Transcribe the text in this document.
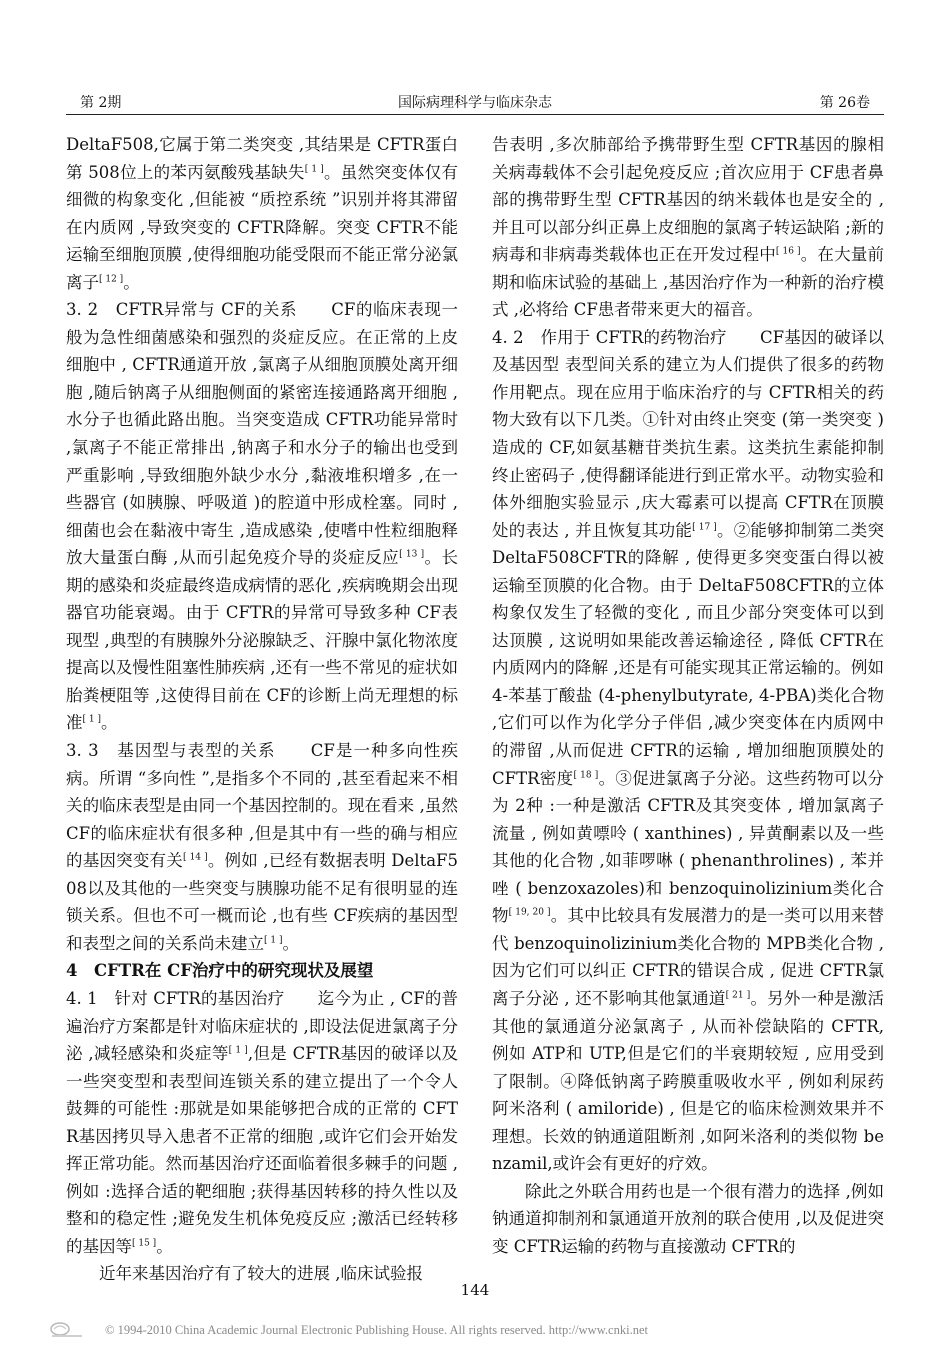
第 2期	国际病理科学与临床杂志	第 26卷

DeltaF508,它属于第二类突变 ,其结果是 CFTR蛋白第 508位上的苯丙氨酸残基缺失[ 1 ]。虽然突变体仅有细微的构象变化 ,但能被 “质控系统 ”识别并将其滞留在内质网 ,导致突变的 CFTR降解。突变 CFTR不能运输至细胞顶膜 ,使得细胞功能受限而不能正常分泌氯离子[ 12 ]。

3. 2　CFTR异常与 CF的关系　　CF的临床表现一般为急性细菌感染和强烈的炎症反应。在正常的上皮细胞中 , CFTR通道开放 ,氯离子从细胞顶膜处离开细胞 ,随后钠离子从细胞侧面的紧密连接通路离开细胞 ,水分子也循此路出胞。当突变造成 CFTR功能异常时 ,氯离子不能正常排出 ,钠离子和水分子的输出也受到严重影响 ,导致细胞外缺少水分 ,黏液堆积增多 ,在一些器官 (如胰腺、呼吸道 )的腔道中形成栓塞。同时 ,细菌也会在黏液中寄生 ,造成感染 ,使嗜中性粒细胞释放大量蛋白酶 ,从而引起免疫介导的炎症反应[ 13 ]。长期的感染和炎症最终造成病情的恶化 ,疾病晚期会出现器官功能衰竭。由于 CFTR的异常可导致多种 CF表现型 ,典型的有胰腺外分泌腺缺乏、汗腺中氯化物浓度提高以及慢性阻塞性肺疾病 ,还有一些不常见的症状如胎粪梗阻等 ,这使得目前在 CF的诊断上尚无理想的标准[ 1 ]。

3. 3　基因型与表型的关系　　CF是一种多向性疾病。所谓 “多向性 ”,是指多个不同的 ,甚至看起来不相关的临床表型是由同一个基因控制的。现在看来 ,虽然 CF的临床症状有很多种 ,但是其中有一些的确与相应的基因突变有关[ 14 ]。例如 ,已经有数据表明 DeltaF508以及其他的一些突变与胰腺功能不足有很明显的连锁关系。但也不可一概而论 ,也有些 CF疾病的基因型和表型之间的关系尚未建立[ 1 ]。

4　CFTR在 CF治疗中的研究现状及展望

4. 1　针对 CFTR的基因治疗　　迄今为止 , CF的普遍治疗方案都是针对临床症状的 ,即设法促进氯离子分泌 ,减轻感染和炎症等[ 1 ],但是 CFTR基因的破译以及一些突变型和表型间连锁关系的建立提出了一个令人鼓舞的可能性 :那就是如果能够把合成的正常的 CFTR基因拷贝导入患者不正常的细胞 ,或许它们会开始发挥正常功能。然而基因治疗还面临着很多棘手的问题 ,例如 :选择合适的靶细胞 ;获得基因转移的持久性以及整和的稳定性 ;避免发生机体免疫反应 ;激活已经转移的基因等[ 15 ]。

近年来基因治疗有了较大的进展 ,临床试验报

告表明 ,多次肺部给予携带野生型 CFTR基因的腺相关病毒载体不会引起免疫反应 ;首次应用于 CF患者鼻部的携带野生型 CFTR基因的纳米载体也是安全的 ,并且可以部分纠正鼻上皮细胞的氯离子转运缺陷 ;新的病毒和非病毒类载体也正在开发过程中[ 16 ]。在大量前期和临床试验的基础上 ,基因治疗作为一种新的治疗模式 ,必将给 CF患者带来更大的福音。

4. 2　作用于 CFTR的药物治疗　　CF基因的破译以及基因型 表型间关系的建立为人们提供了很多的药物作用靶点。现在应用于临床治疗的与 CFTR相关的药物大致有以下几类。①针对由终止突变 (第一类突变 )造成的 CF,如氨基糖苷类抗生素。这类抗生素能抑制终止密码子 ,使得翻译能进行到正常水平。动物实验和体外细胞实验显示 ,庆大霉素可以提高 CFTR在顶膜处的表达 , 并且恢复其功能[ 17 ]。②能够抑制第二类突 DeltaF508CFTR的降解 , 使得更多突变蛋白得以被运输至顶膜的化合物。由于 DeltaF508CFTR的立体构象仅发生了轻微的变化 , 而且少部分突变体可以到达顶膜 , 这说明如果能改善运输途径 , 降低 CFTR在内质网内的降解 ,还是有可能实现其正常运输的。例如 4-苯基丁酸盐 (4-phenylbutyrate, 4-PBA)类化合物 ,它们可以作为化学分子伴侣 ,减少突变体在内质网中的滞留 ,从而促进 CFTR的运输 , 增加细胞顶膜处的 CFTR密度[ 18 ]。③促进氯离子分泌。这些药物可以分为 2种 :一种是激活 CFTR及其突变体 , 增加氯离子流量 , 例如黄嘌呤 ( xanthines) , 异黄酮素以及一些其他的化合物 ,如菲啰啉 ( phenanthrolines) , 苯并唑 ( benzoxazoles)和 benzoquinolizinium类化合物[ 19, 20 ]。其中比较具有发展潜力的是一类可以用来替代 benzoquinolizinium类化合物的 MPB类化合物 , 因为它们可以纠正 CFTR的错误合成 , 促进 CFTR氯离子分泌 , 还不影响其他氯通道[ 21 ]。另外一种是激活其他的氯通道分泌氯离子 , 从而补偿缺陷的 CFTR, 例如 ATP和 UTP,但是它们的半衰期较短 , 应用受到了限制。④降低钠离子跨膜重吸收水平 , 例如利尿药阿米洛利 ( amiloride) , 但是它的临床检测效果并不理想。长效的钠通道阻断剂 ,如阿米洛利的类似物 benzamil,或许会有更好的疗效。

除此之外联合用药也是一个很有潜力的选择 ,例如钠通道抑制剂和氯通道开放剂的联合使用 ,以及促进突变 CFTR运输的药物与直接激动 CFTR的

144
© 1994-2010 China Academic Journal Electronic Publishing House. All rights reserved. http://www.cnki.net
